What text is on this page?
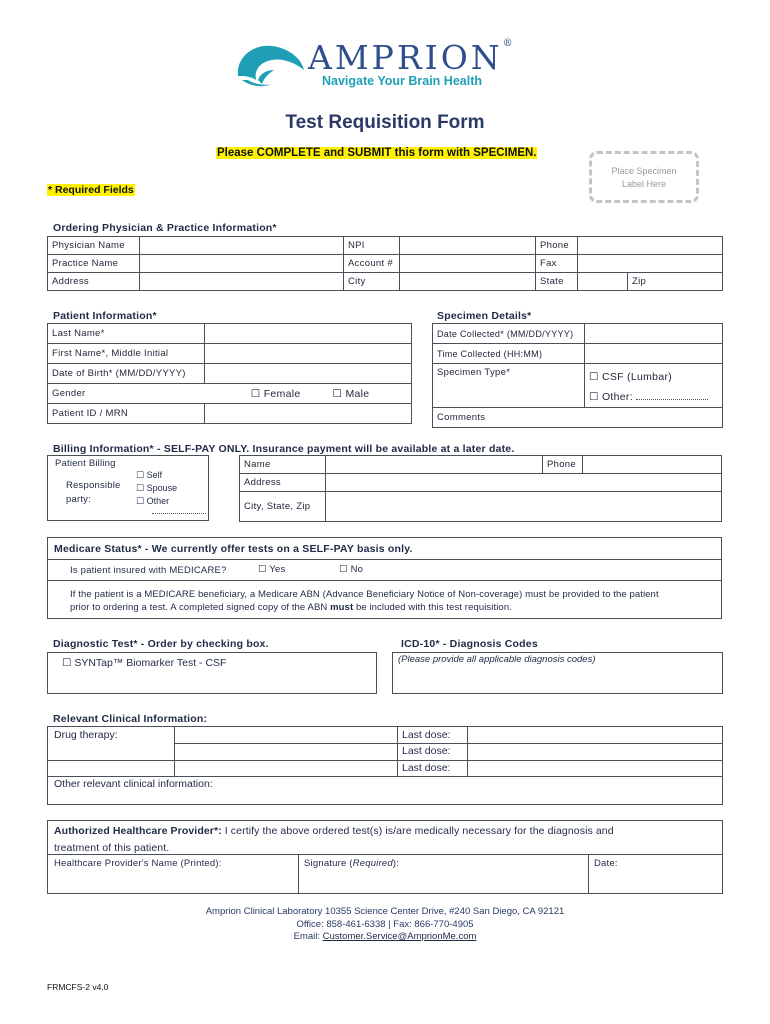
AMPRION®
Navigate Your Brain Health
Test Requisition Form
Please COMPLETE and SUBMIT this form with SPECIMEN.
Place Specimen
Label Here
* Required Fields
Ordering Physician & Practice Information*
Physician Name		NPI		Phone		
Practice Name		Account #		Fax		
Address		City		State		Zip
Patient Information*
Last Name*		
First Name*, Middle Initial		
Date of Birth* (MM/DD/YYYY)		
Gender	☐ Female	☐ Male
Patient ID / MRN		
Specimen Details*
Date Collected* (MM/DD/YYYY)	
Time Collected (HH:MM)	
Specimen Type*	☐ CSF (Lumbar)
☐ Other:

Comments	
Billing Information* - SELF-PAY ONLY. Insurance payment will be available at a later date.
Patient Billing
Responsible
party:
☐ Self
☐ Spouse
☐ Other
Name		Phone	
Address			
City, State, Zip			
Medicare Status* - We currently offer tests on a SELF-PAY basis only.
Is patient insured with MEDICARE?	☐ Yes	☐ No
If the patient is a MEDICARE beneficiary, a Medicare ABN (Advance Beneficiary Notice of Non-coverage) must be provided to the patient
prior to ordering a test. A completed signed copy of the ABN must be included with this test requisition.
Diagnostic Test* - Order by checking box.
☐ SYNTap™ Biomarker Test - CSF
ICD-10* - Diagnosis Codes
(Please provide all applicable diagnosis codes)
Relevant Clinical Information:
Drug therapy:	Last dose:
Last dose:
Last dose:
Other relevant clinical information:
Authorized Healthcare Provider*: I certify the above ordered test(s) is/are medically necessary for the diagnosis and
treatment of this patient.
Healthcare Provider's Name (Printed):	Signature (Required):	Date:
Amprion Clinical Laboratory 10355 Science Center Drive, #240 San Diego, CA 92121
Office: 858-461-6338 | Fax: 866-770-4905
Email: Customer.Service@AmprionMe.com
FRMCFS-2 v4.0
